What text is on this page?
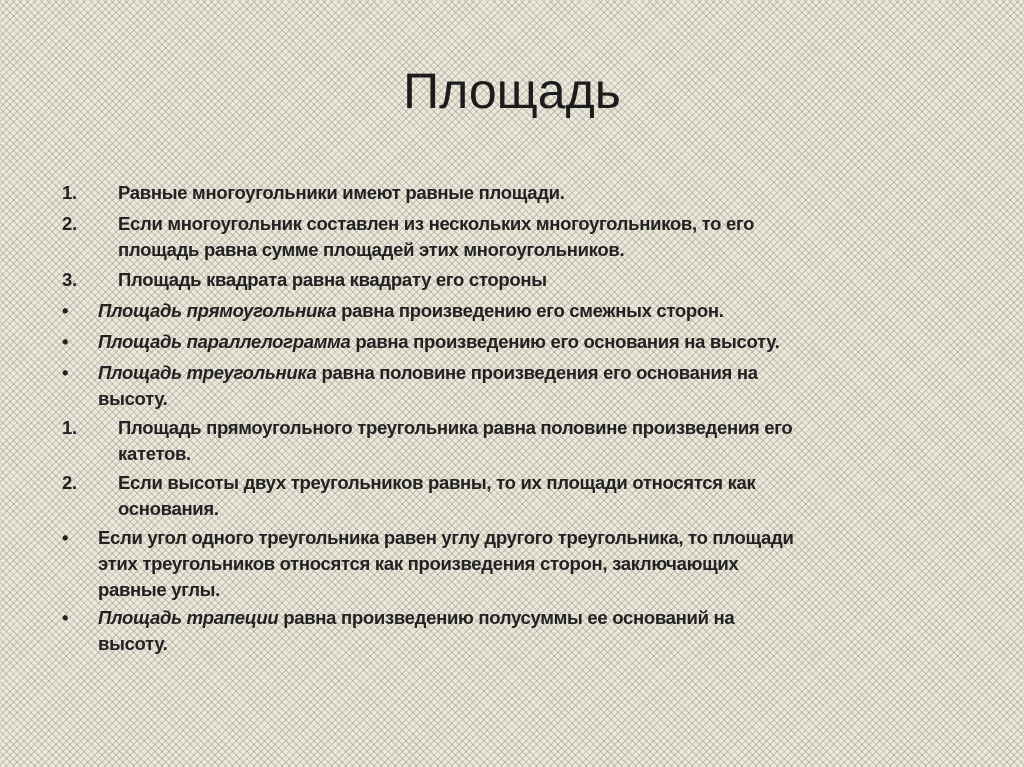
Площадь
1. Равные многоугольники имеют равные площади.
2. Если многоугольник составлен из нескольких многоугольников, то его
площадь равна сумме площадей этих многоугольников.
3. Площадь квадрата равна квадрату его стороны
• Площадь прямоугольника равна произведению его смежных сторон.
• Площадь параллелограмма равна произведению его основания на высоту.
• Площадь треугольника равна половине произведения его основания на
высоту.
1. Площадь прямоугольного треугольника равна половине произведения его
катетов.
2. Если высоты двух треугольников равны, то их площади относятся как
основания.
• Если угол одного треугольника равен углу другого треугольника, то площади
этих треугольников относятся как произведения сторон, заключающих
равные углы.
• Площадь трапеции равна произведению полусуммы ее оснований на
высоту.
